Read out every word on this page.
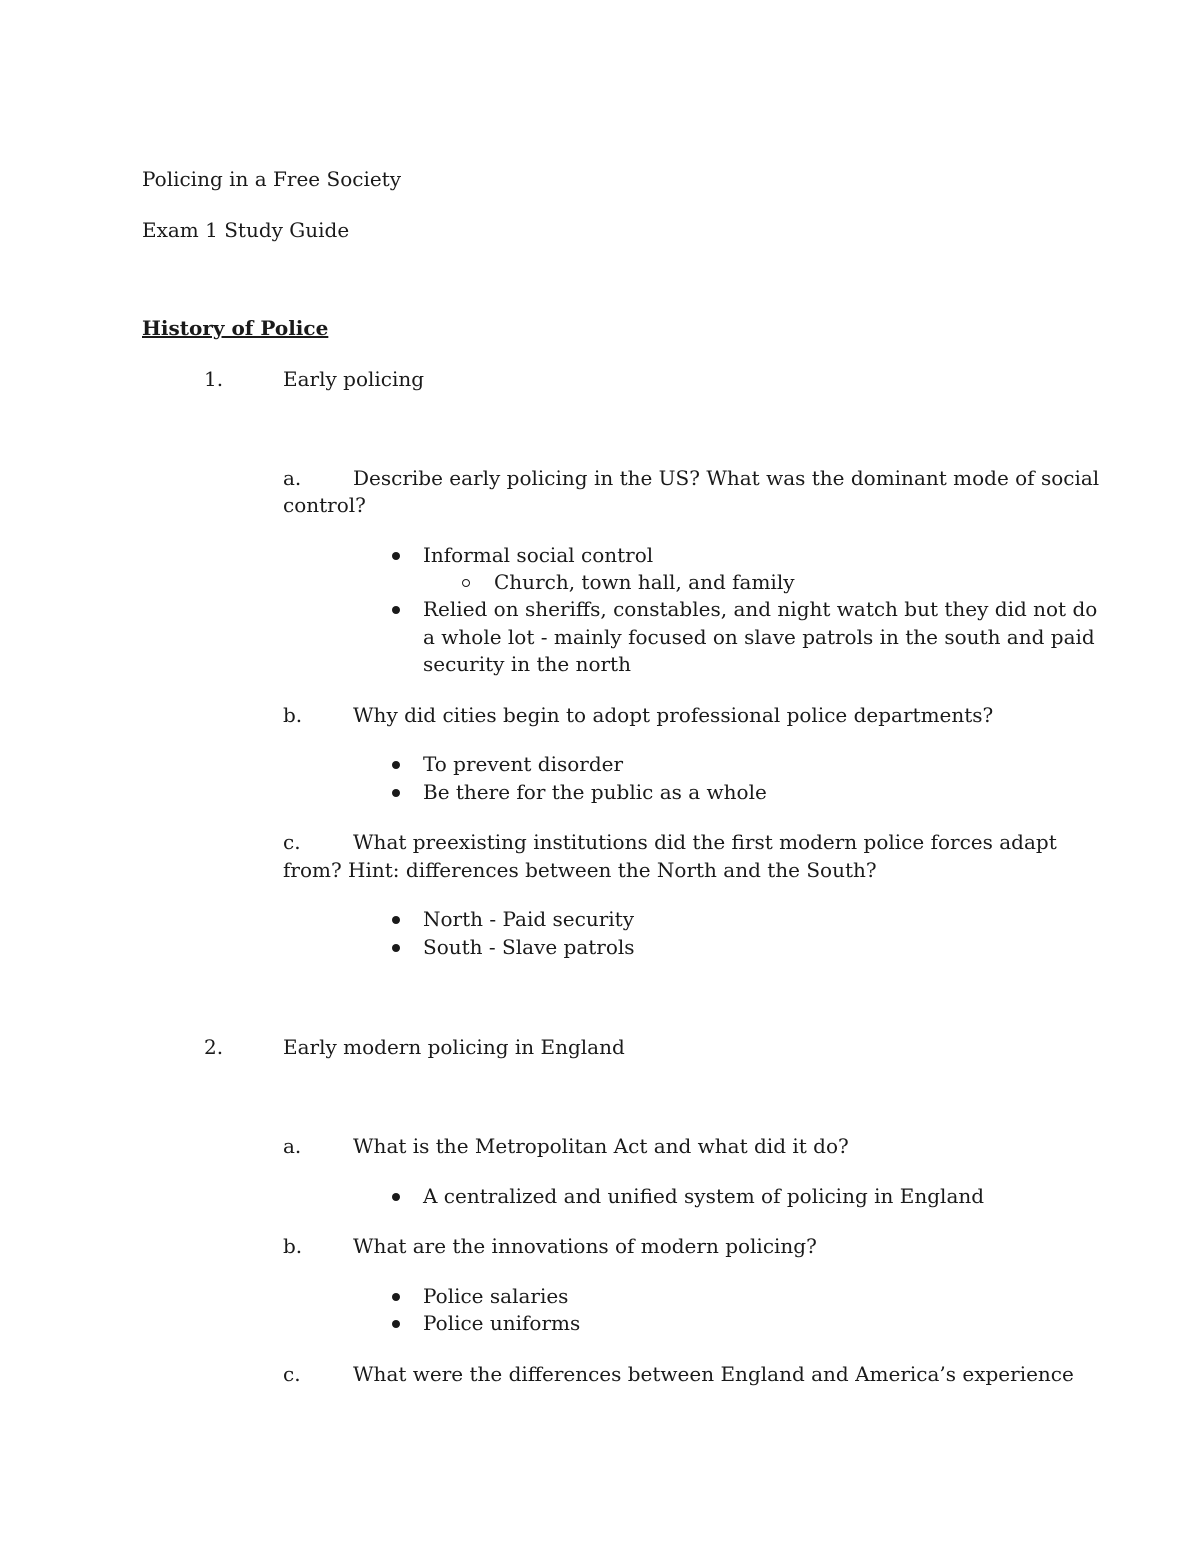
Policing in a Free Society
Exam 1 Study Guide
History of Police
1.	Early policing
a.	Describe early policing in the US? What was the dominant mode of social
control?
Informal social control
Church, town hall, and family
Relied on sheriffs, constables, and night watch but they did not do
a whole lot - mainly focused on slave patrols in the south and paid
security in the north
b.	Why did cities begin to adopt professional police departments?
To prevent disorder
Be there for the public as a whole
c.	What preexisting institutions did the first modern police forces adapt
from? Hint: differences between the North and the South?
North - Paid security
South - Slave patrols
2.	Early modern policing in England
a.	What is the Metropolitan Act and what did it do?
A centralized and unified system of policing in England
b.	What are the innovations of modern policing?
Police salaries
Police uniforms
c.	What were the differences between England and America’s experience
